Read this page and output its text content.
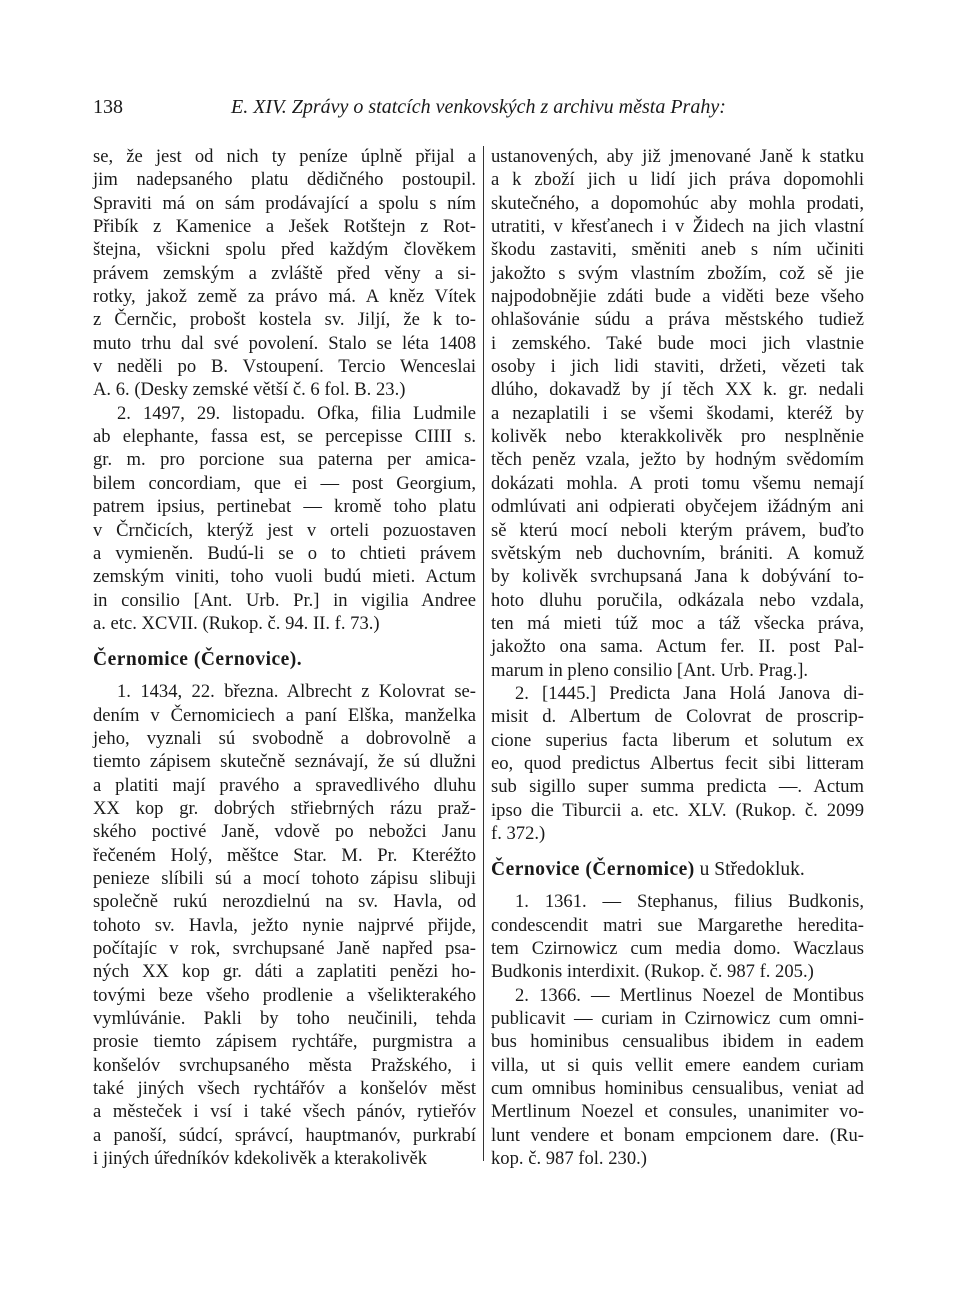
138	E. XIV. Zprávy o statcích venkovských z archivu města Prahy:
se, že jest od nich ty peníze úplně přijal a
jim nadepsaného platu dědičného postoupil.
Spraviti má on sám prodávající a spolu s ním
Přibík z Kamenice a Ješek Rotštejn z Rot-
štejna, všickni spolu před každým člověkem
právem zemským a zvláště před věny a si-
rotky, jakož země za právo má. A kněz Vítek
z Černčic, probošt kostela sv. Jiljí, že k to-
muto trhu dal své povolení. Stalo se léta 1408
v neděli po B. Vstoupení. Tercio Wenceslai
A. 6. (Desky zemské větší č. 6 fol. B. 23.)
2. 1497, 29. listopadu. Ofka, filia Ludmile
ab elephante, fassa est, se percepisse CIIII s.
gr. m. pro porcione sua paterna per amica-
bilem concordiam, que ei — post Georgium,
patrem ipsius, pertinebat — kromě toho platu
v Črnčicích, kterýž jest v orteli pozuostaven
a vymieněn. Budú-li se o to chtieti právem
zemským viniti, toho vuoli budú mieti. Actum
in consilio [Ant. Urb. Pr.] in vigilia Andree
a. etc. XCVII. (Rukop. č. 94. II. f. 73.)
Černomice (Černovice).
1. 1434, 22. března. Albrecht z Kolovrat se-
dením v Černomiciech a paní Elška, manželka
jeho, vyznali sú svobodně a dobrovolně a
tiemto zápisem skutečně seznávají, že sú dlužni
a platiti mají pravého a spravedlivého dluhu
XX kop gr. dobrých střiebrných rázu praž-
ského poctivé Janě, vdově po nebožci Janu
řečeném Holý, měštce Star. M. Pr. Kteréžto
penieze slíbili sú a mocí tohoto zápisu slibuji
společně rukú nerozdielnú na sv. Havla, od
tohoto sv. Havla, ježto nynie najprvé přijde,
počítajíc v rok, svrchupsané Janě napřed psa-
ných XX kop gr. dáti a zaplatiti penězi ho-
tovými beze všeho prodlenie a všelikterakého
vymlúvánie. Pakli by toho neučinili, tehda
prosie tiemto zápisem rychtáře, purgmistra a
konšelóv svrchupsaného města Pražského, i
také jiných všech rychtářóv a konšelóv měst
a městeček i vsí i také všech pánóv, rytieřóv
a panoší, súdcí, správcí, hauptmanóv, purkrabí
i jiných úředníkóv kdekolivěk a kterakolivěk
ustanovených, aby již jmenované Janě k statku
a k zboží jich u lidí jich práva dopomohli
skutečného, a dopomohúc aby mohla prodati,
utratiti, v křesťanech i v Židech na jich vlastní
škodu zastaviti, směniti aneb s ním učiniti
jakožto s svým vlastním zbožím, což sě jie
najpodobnějie zdáti bude a viděti beze všeho
ohlašovánie súdu a práva městského tudiež
i zemského. Také bude moci jich vlastnie
osoby i jich lidi staviti, držeti, vězeti tak
dlúho, dokavadž by jí těch XX k. gr. nedali
a nezaplatili i se všemi škodami, kteréž by
kolivěk nebo kterakkolivěk pro nesplněnie
těch peněz vzala, ježto by hodným svědomím
dokázati mohla. A proti tomu všemu nemají
odmlúvati ani odpierati obyčejem ižádným ani
sě kterú mocí neboli kterým právem, buďto
světským neb duchovním, brániti. A komuž
by kolivěk svrchupsaná Jana k dobývání to-
hoto dluhu poručila, odkázala nebo vzdala,
ten má mieti túž moc a táž všecka práva,
jakožto ona sama. Actum fer. II. post Pal-
marum in pleno consilio [Ant. Urb. Prag.].
2. [1445.] Predicta Jana Holá Janova di-
misit d. Albertum de Colovrat de proscrip-
cione superius facta liberum et solutum ex
eo, quod predictus Albertus fecit sibi litteram
sub sigillo super summa predicta —. Actum
ipso die Tiburcii a. etc. XLV. (Rukop. č. 2099
f. 372.)
Černovice (Černomice) u Středokluk.
1. 1361. — Stephanus, filius Budkonis,
condescendit matri sue Margarethe heredita-
tem Czirnowicz cum media domo. Waczlaus
Budkonis interdixit. (Rukop. č. 987 f. 205.)
2. 1366. — Mertlinus Noezel de Montibus
publicavit — curiam in Czirnowicz cum omni-
bus hominibus censualibus ibidem in eadem
villa, ut si quis vellit emere eandem curiam
cum omnibus hominibus censualibus, veniat ad
Mertlinum Noezel et consules, unanimiter vo-
lunt vendere et bonam empcionem dare. (Ru-
kop. č. 987 fol. 230.)
